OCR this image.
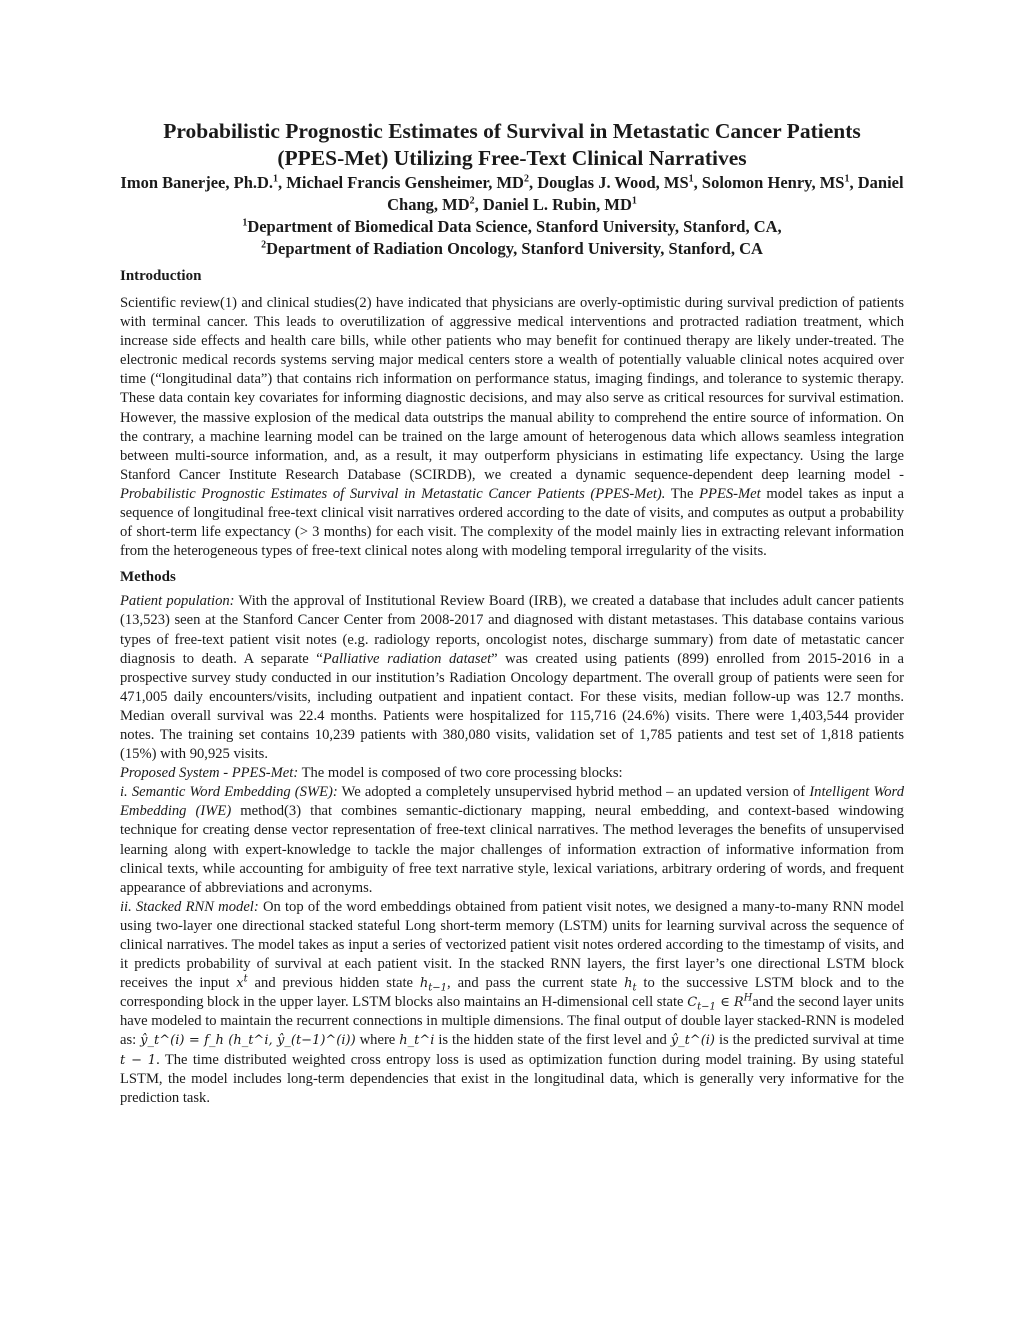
Probabilistic Prognostic Estimates of Survival in Metastatic Cancer Patients
(PPES-Met) Utilizing Free-Text Clinical Narratives

Imon Banerjee, Ph.D.$^1$, Michael Francis Gensheimer, $MD^2$, Douglas J. Wood, $MS^1$, Solomon Henry, $MS^1$, Daniel Chang, $MD^2$, Daniel L. Rubin, $MD^1$

$^1$Department of Biomedical Data Science, Stanford University, Stanford, CA,
$^2$Department of Radiation Oncology, Stanford University, Stanford, CA

Introduction

Scientific review(1) and clinical studies(2) have indicated that physicians are overly-optimistic during survival prediction of patients with terminal cancer. This leads to overutilization of aggressive medical interventions and protracted radiation treatment, which increase side effects and health care bills, while other patients who may benefit for continued therapy are likely under-treated. The electronic medical records systems serving major medical centers store a wealth of potentially valuable clinical notes acquired over time (“longitudinal data”) that contains rich information on performance status, imaging findings, and tolerance to systemic therapy. These data contain key covariates for informing diagnostic decisions, and may also serve as critical resources for survival estimation. However, the massive explosion of the medical data outstrips the manual ability to comprehend the entire source of information. On the contrary, a machine learning model can be trained on the large amount of heterogenous data which allows seamless integration between multi-source information, and, as a result, it may outperform physicians in estimating life expectancy. Using the large Stanford Cancer Institute Research Database (SCIRDB), we created a dynamic sequence-dependent deep learning model - Probabilistic Prognostic Estimates of Survival in Metastatic Cancer Patients (PPES-Met). The PPES-Met model takes as input a sequence of longitudinal free-text clinical visit narratives ordered according to the date of visits, and computes as output a probability of short-term life expectancy (> 3 months) for each visit. The complexity of the model mainly lies in extracting relevant information from the heterogeneous types of free-text clinical notes along with modeling temporal irregularity of the visits.

Methods

Patient population: With the approval of Institutional Review Board (IRB), we created a database that includes adult cancer patients (13,523) seen at the Stanford Cancer Center from 2008-2017 and diagnosed with distant metastases. This database contains various types of free-text patient visit notes (e.g. radiology reports, oncologist notes, discharge summary) from date of metastatic cancer diagnosis to death. A separate “Palliative radiation dataset” was created using patients (899) enrolled from 2015-2016 in a prospective survey study conducted in our institution’s Radiation Oncology department. The overall group of patients were seen for 471,005 daily encounters/visits, including outpatient and inpatient contact. For these visits, median follow-up was 12.7 months. Median overall survival was 22.4 months. Patients were hospitalized for 115,716 (24.6%) visits. There were 1,403,544 provider notes. The training set contains 10,239 patients with 380,080 visits, validation set of 1,785 patients and test set of 1,818 patients (15%) with 90,925 visits.

Proposed System - PPES-Met: The model is composed of two core processing blocks:

i. Semantic Word Embedding (SWE): We adopted a completely unsupervised hybrid method – an updated version of Intelligent Word Embedding (IWE) method(3) that combines semantic-dictionary mapping, neural embedding, and context-based windowing technique for creating dense vector representation of free-text clinical narratives. The method leverages the benefits of unsupervised learning along with expert-knowledge to tackle the major challenges of information extraction of informative information from clinical texts, while accounting for ambiguity of free text narrative style, lexical variations, arbitrary ordering of words, and frequent appearance of abbreviations and acronyms.

ii. Stacked RNN model: On top of the word embeddings obtained from patient visit notes, we designed a many-to-many RNN model using two-layer one directional stacked stateful Long short-term memory (LSTM) units for learning survival across the sequence of clinical narratives. The model takes as input a series of vectorized patient visit notes ordered according to the timestamp of visits, and it predicts probability of survival at each patient visit. In the stacked RNN layers, the first layer’s one directional LSTM block receives the input $x^t$ and previous hidden state $h_{t-1}$, and pass the current state $h_t$ to the successive LSTM block and to the corresponding block in the upper layer. LSTM blocks also maintains an H-dimensional cell state $C_{t-1}$ ∈ $R^Hand$ the second layer units have modeled to maintain the recurrent connections in multiple dimensions. The final output of double layer stacked-RNN is modeled as: ŷ_t^(i) = f_h (h_t^i, ŷ_(t−1)^(i)) where h_t^i is the hidden state of the first level and ŷ_t^(i) is the predicted survival at time t − 1. The time distributed weighted cross entropy loss is used as optimization function during model training. By using stateful LSTM, the model includes long-term dependencies that exist in the longitudinal data, which is generally very informative for the prediction task.
